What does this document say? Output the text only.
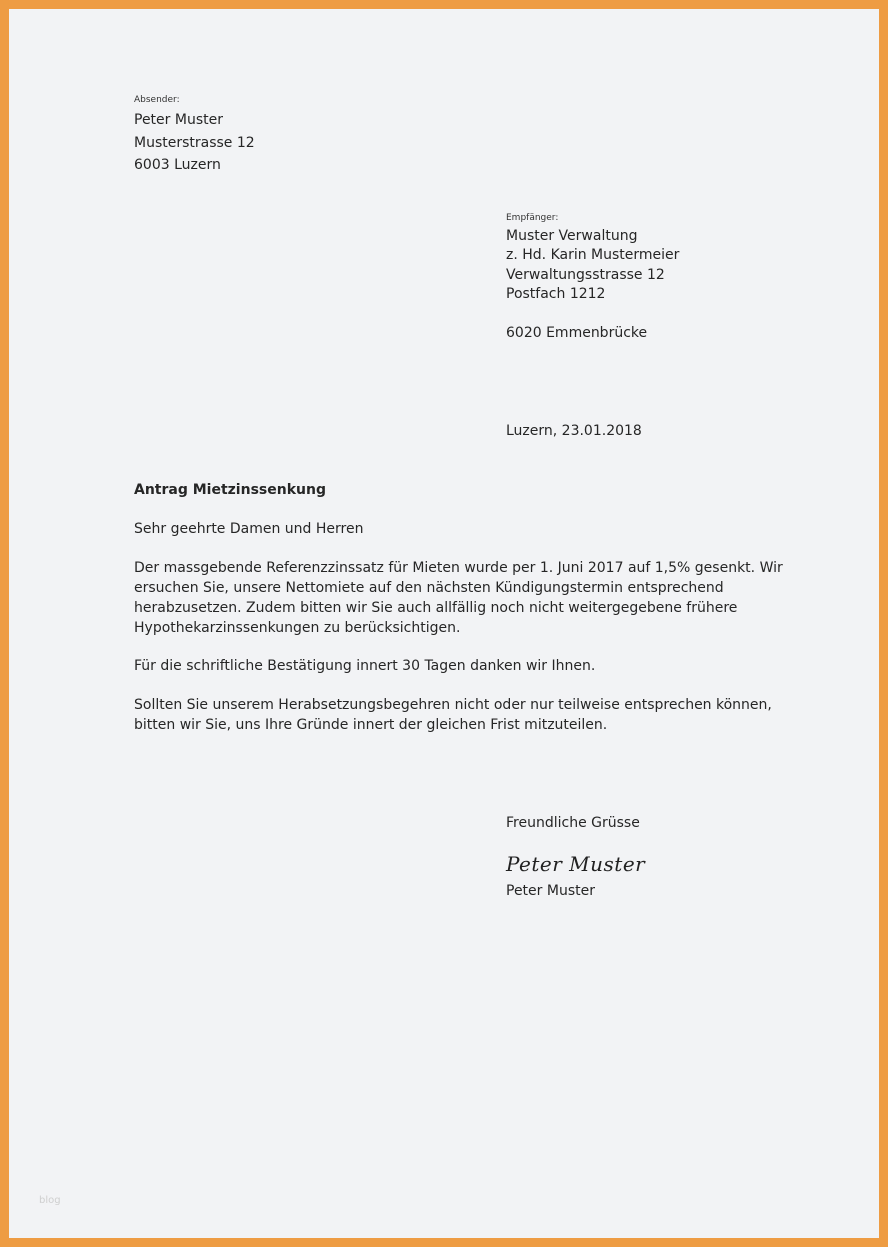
Absender:
Peter Muster
Musterstrasse 12
6003 Luzern
Empfänger:
Muster Verwaltung
z. Hd. Karin Mustermeier
Verwaltungsstrasse 12
Postfach 1212
6020 Emmenbrücke
Luzern, 23.01.2018
Antrag Mietzinssenkung
Sehr geehrte Damen und Herren
Der massgebende Referenzzinssatz für Mieten wurde per 1. Juni 2017 auf 1,5% gesenkt. Wir ersuchen Sie, unsere Nettomiete auf den nächsten Kündigungstermin entsprechend herabzusetzen. Zudem bitten wir Sie auch allfällig noch nicht weitergegebene frühere Hypothekarzinssenkungen zu berücksichtigen.
Für die schriftliche Bestätigung innert 30 Tagen danken wir Ihnen.
Sollten Sie unserem Herabsetzungsbegehren nicht oder nur teilweise entsprechen können, bitten wir Sie, uns Ihre Gründe innert der gleichen Frist mitzuteilen.
Freundliche Grüsse
Peter Muster
Peter Muster
blog
